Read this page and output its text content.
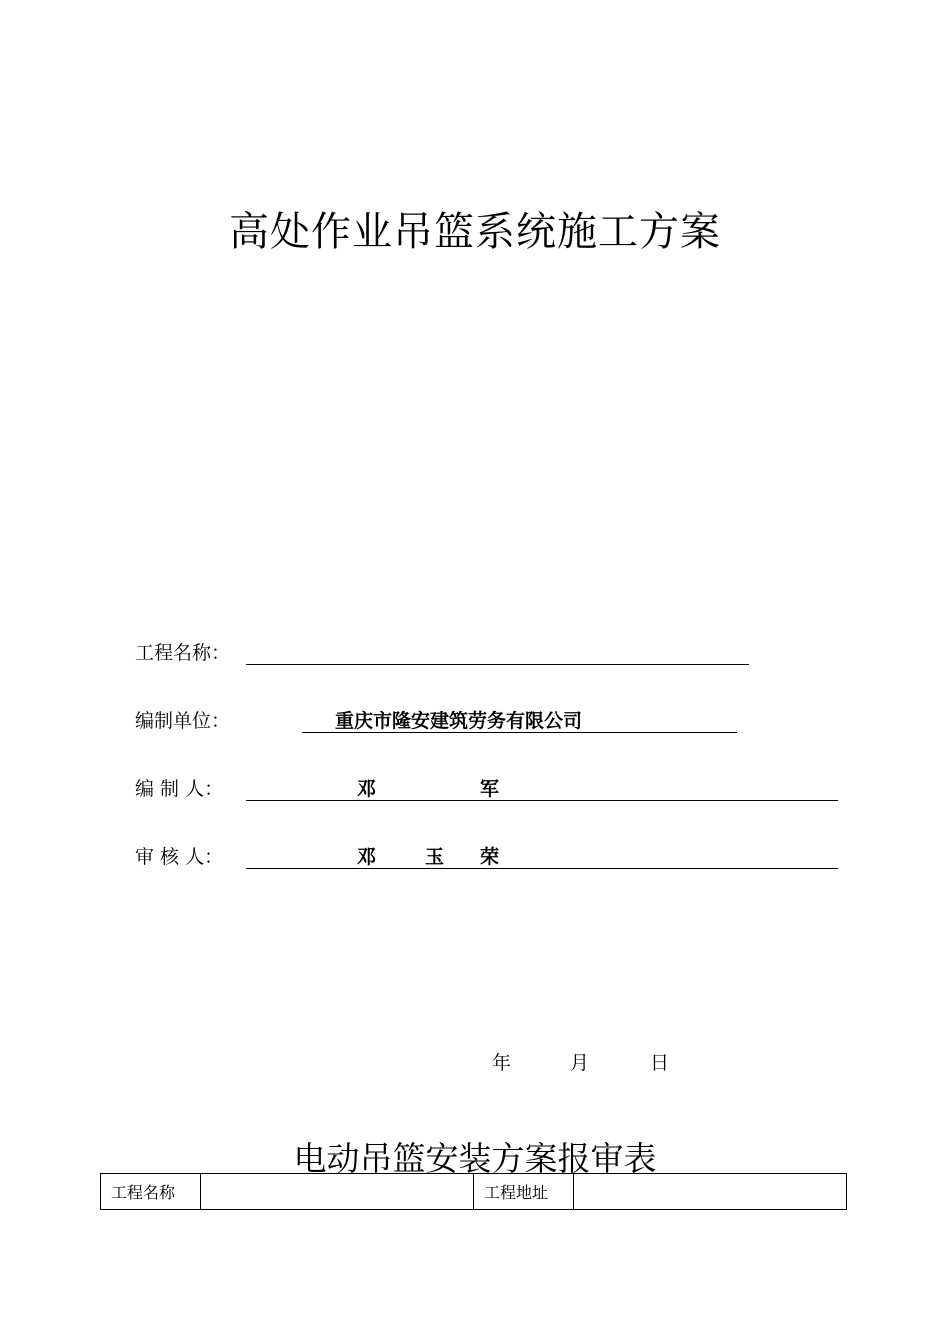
高处作业吊篮系统施工方案
工程名称：
编制单位：	重庆市隆安建筑劳务有限公司
编 制 人：	邓	军
审 核 人：	邓	玉 荣
年	月	日
电动吊篮安装方案报审表
工程名称		工程地址	
